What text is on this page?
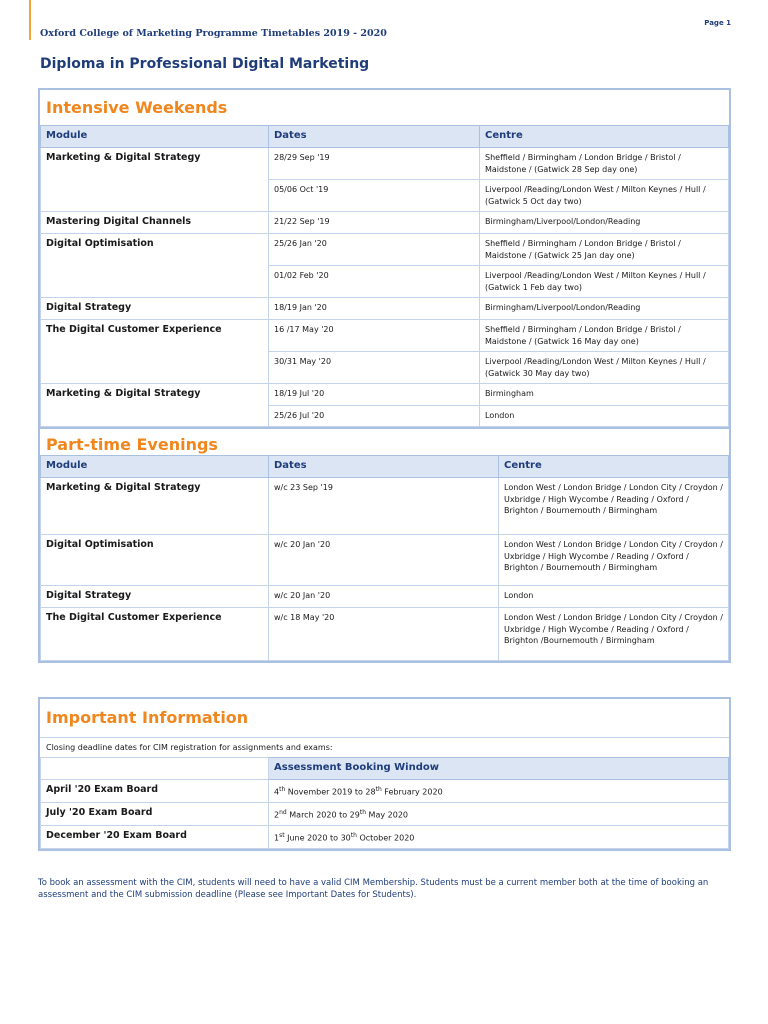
Oxford College of Marketing Programme Timetables 2019 - 2020
Page 1
Diploma in Professional Digital Marketing
Intensive Weekends
Module	Dates	Centre
Marketing & Digital Strategy	28/29 Sep '19	Sheffield / Birmingham / London Bridge / Bristol / Maidstone / (Gatwick 28 Sep day one)
	05/06 Oct '19	Liverpool /Reading/London West / Milton Keynes / Hull / (Gatwick 5 Oct day two)
Mastering Digital Channels	21/22 Sep '19	Birmingham/Liverpool/London/Reading
Digital Optimisation	25/26 Jan '20	Sheffield / Birmingham / London Bridge / Bristol / Maidstone / (Gatwick 25 Jan day one)
	01/02 Feb '20	Liverpool /Reading/London West / Milton Keynes / Hull / (Gatwick 1 Feb day two)
Digital Strategy	18/19 Jan '20	Birmingham/Liverpool/London/Reading
The Digital Customer Experience	16 /17 May '20	Sheffield / Birmingham / London Bridge / Bristol / Maidstone / (Gatwick 16 May day one)
	30/31 May '20	Liverpool /Reading/London West / Milton Keynes / Hull / (Gatwick 30 May day two)
Marketing & Digital Strategy	18/19 Jul '20	Birmingham
	25/26 Jul '20	London
Part-time Evenings
Module	Dates	Centre
Marketing & Digital Strategy	w/c 23 Sep '19	London West / London Bridge / London City / Croydon / Uxbridge / High Wycombe / Reading / Oxford / Brighton / Bournemouth / Birmingham
Digital Optimisation	w/c 20 Jan '20	London West / London Bridge / London City / Croydon / Uxbridge / High Wycombe / Reading / Oxford / Brighton / Bournemouth / Birmingham
Digital Strategy	w/c 20 Jan '20	London
The Digital Customer Experience	w/c 18 May '20	London West / London Bridge / London City / Croydon / Uxbridge / High Wycombe / Reading / Oxford / Brighton /Bournemouth / Birmingham
Important Information
Closing deadline dates for CIM registration for assignments and exams:
	Assessment Booking Window
April '20 Exam Board	4th November 2019 to 28th February 2020
July '20 Exam Board	2nd March 2020 to 29th May 2020
December '20 Exam Board	1st June 2020 to 30th October 2020
To book an assessment with the CIM, students will need to have a valid CIM Membership. Students must be a current member both at the time of booking an assessment and the CIM submission deadline (Please see Important Dates for Students).
